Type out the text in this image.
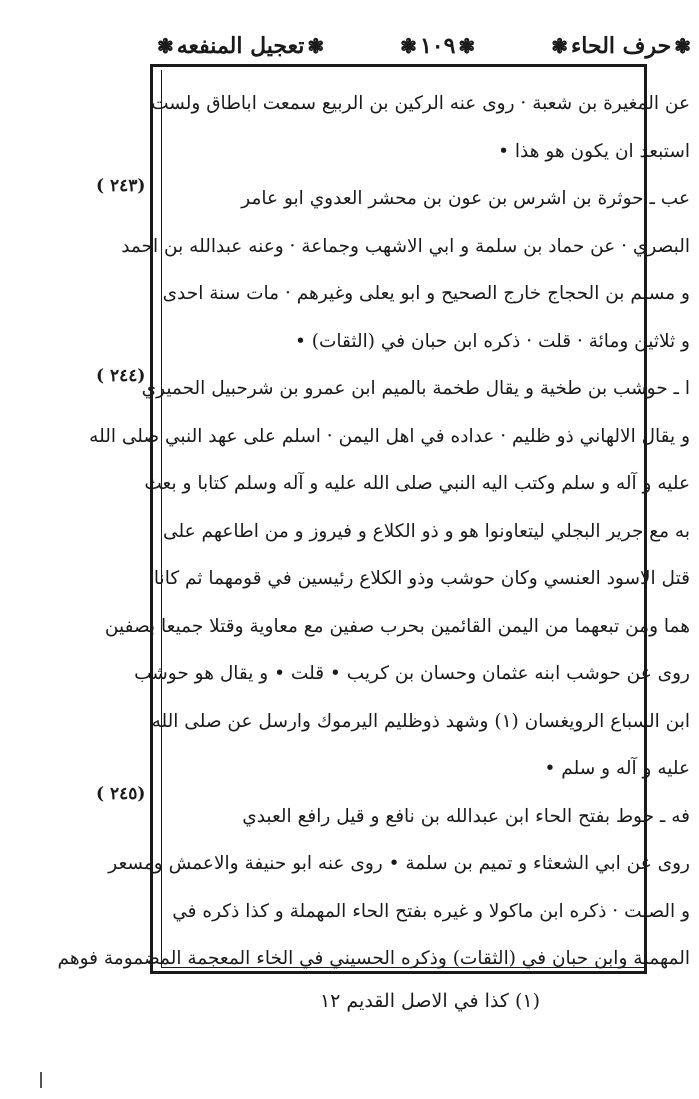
❃حرف الحاء❃
❃١٠٩❃
❃تعجيل المنفعه❃
( ٢٤٣)
( ٢٤٤)
( ٢٤٥)
عن المغيرة بن شعبة · روى عنه الركين بن الربيع سمعت اباطاق ولست
استبعد ان يكون هو هذا •
عب ـ حوثرة بن اشرس بن عون بن محشر العدوي ابو عامر
البصري · عن حماد بن سلمة و ابي الاشهب وجماعة · وعنه عبدالله بن احمد
و مسلم بن الحجاج خارج الصحيح و ابو يعلى وغيرهم · مات سنة احدى
و ثلاثين ومائة · قلت · ذكره ابن حبان في (الثقات) •
ا ـ حوشب بن طخية و يقال طخمة بالميم ابن عمرو بن شرحبيل الحميري
و يقال الالهاني ذو ظليم · عداده في اهل اليمن · اسلم على عهد النبي صلى الله
عليه و آله و سلم وكتب اليه النبي صلى الله عليه و آله وسلم كتابا و بعث
به مع جرير البجلي ليتعاونوا هو و ذو الكلاع و فيروز و من اطاعهم على
قتل الاسود العنسي وكان حوشب وذو الكلاع رئيسين في قومهما ثم كانا
هما ومن تبعهما من اليمن القائمين بحرب صفين مع معاوية وقتلا جميعا بصفين
روى عن حوشب ابنه عثمان وحسان بن كريب • قلت • و يقال هو حوشب
ابن السباع الرويغسان (١) وشهد ذوظليم اليرموك وارسل عن صلى الله
عليه و آله و سلم •
فه ـ حوط بفتح الحاء ابن عبدالله بن نافع و قيل رافع العبدي
روى عن ابي الشعثاء و تميم بن سلمة • روى عنه ابو حنيفة والاعمش ومسعر
و الصلت · ذكره ابن ماكولا و غيره بفتح الحاء المهملة و كذا ذكره في
المهملة وابن حبان في (الثقات) وذكره الحسيني في الخاء المعجمة المضمومة فوهم
(١) كذا في الاصل القديم ١٢
